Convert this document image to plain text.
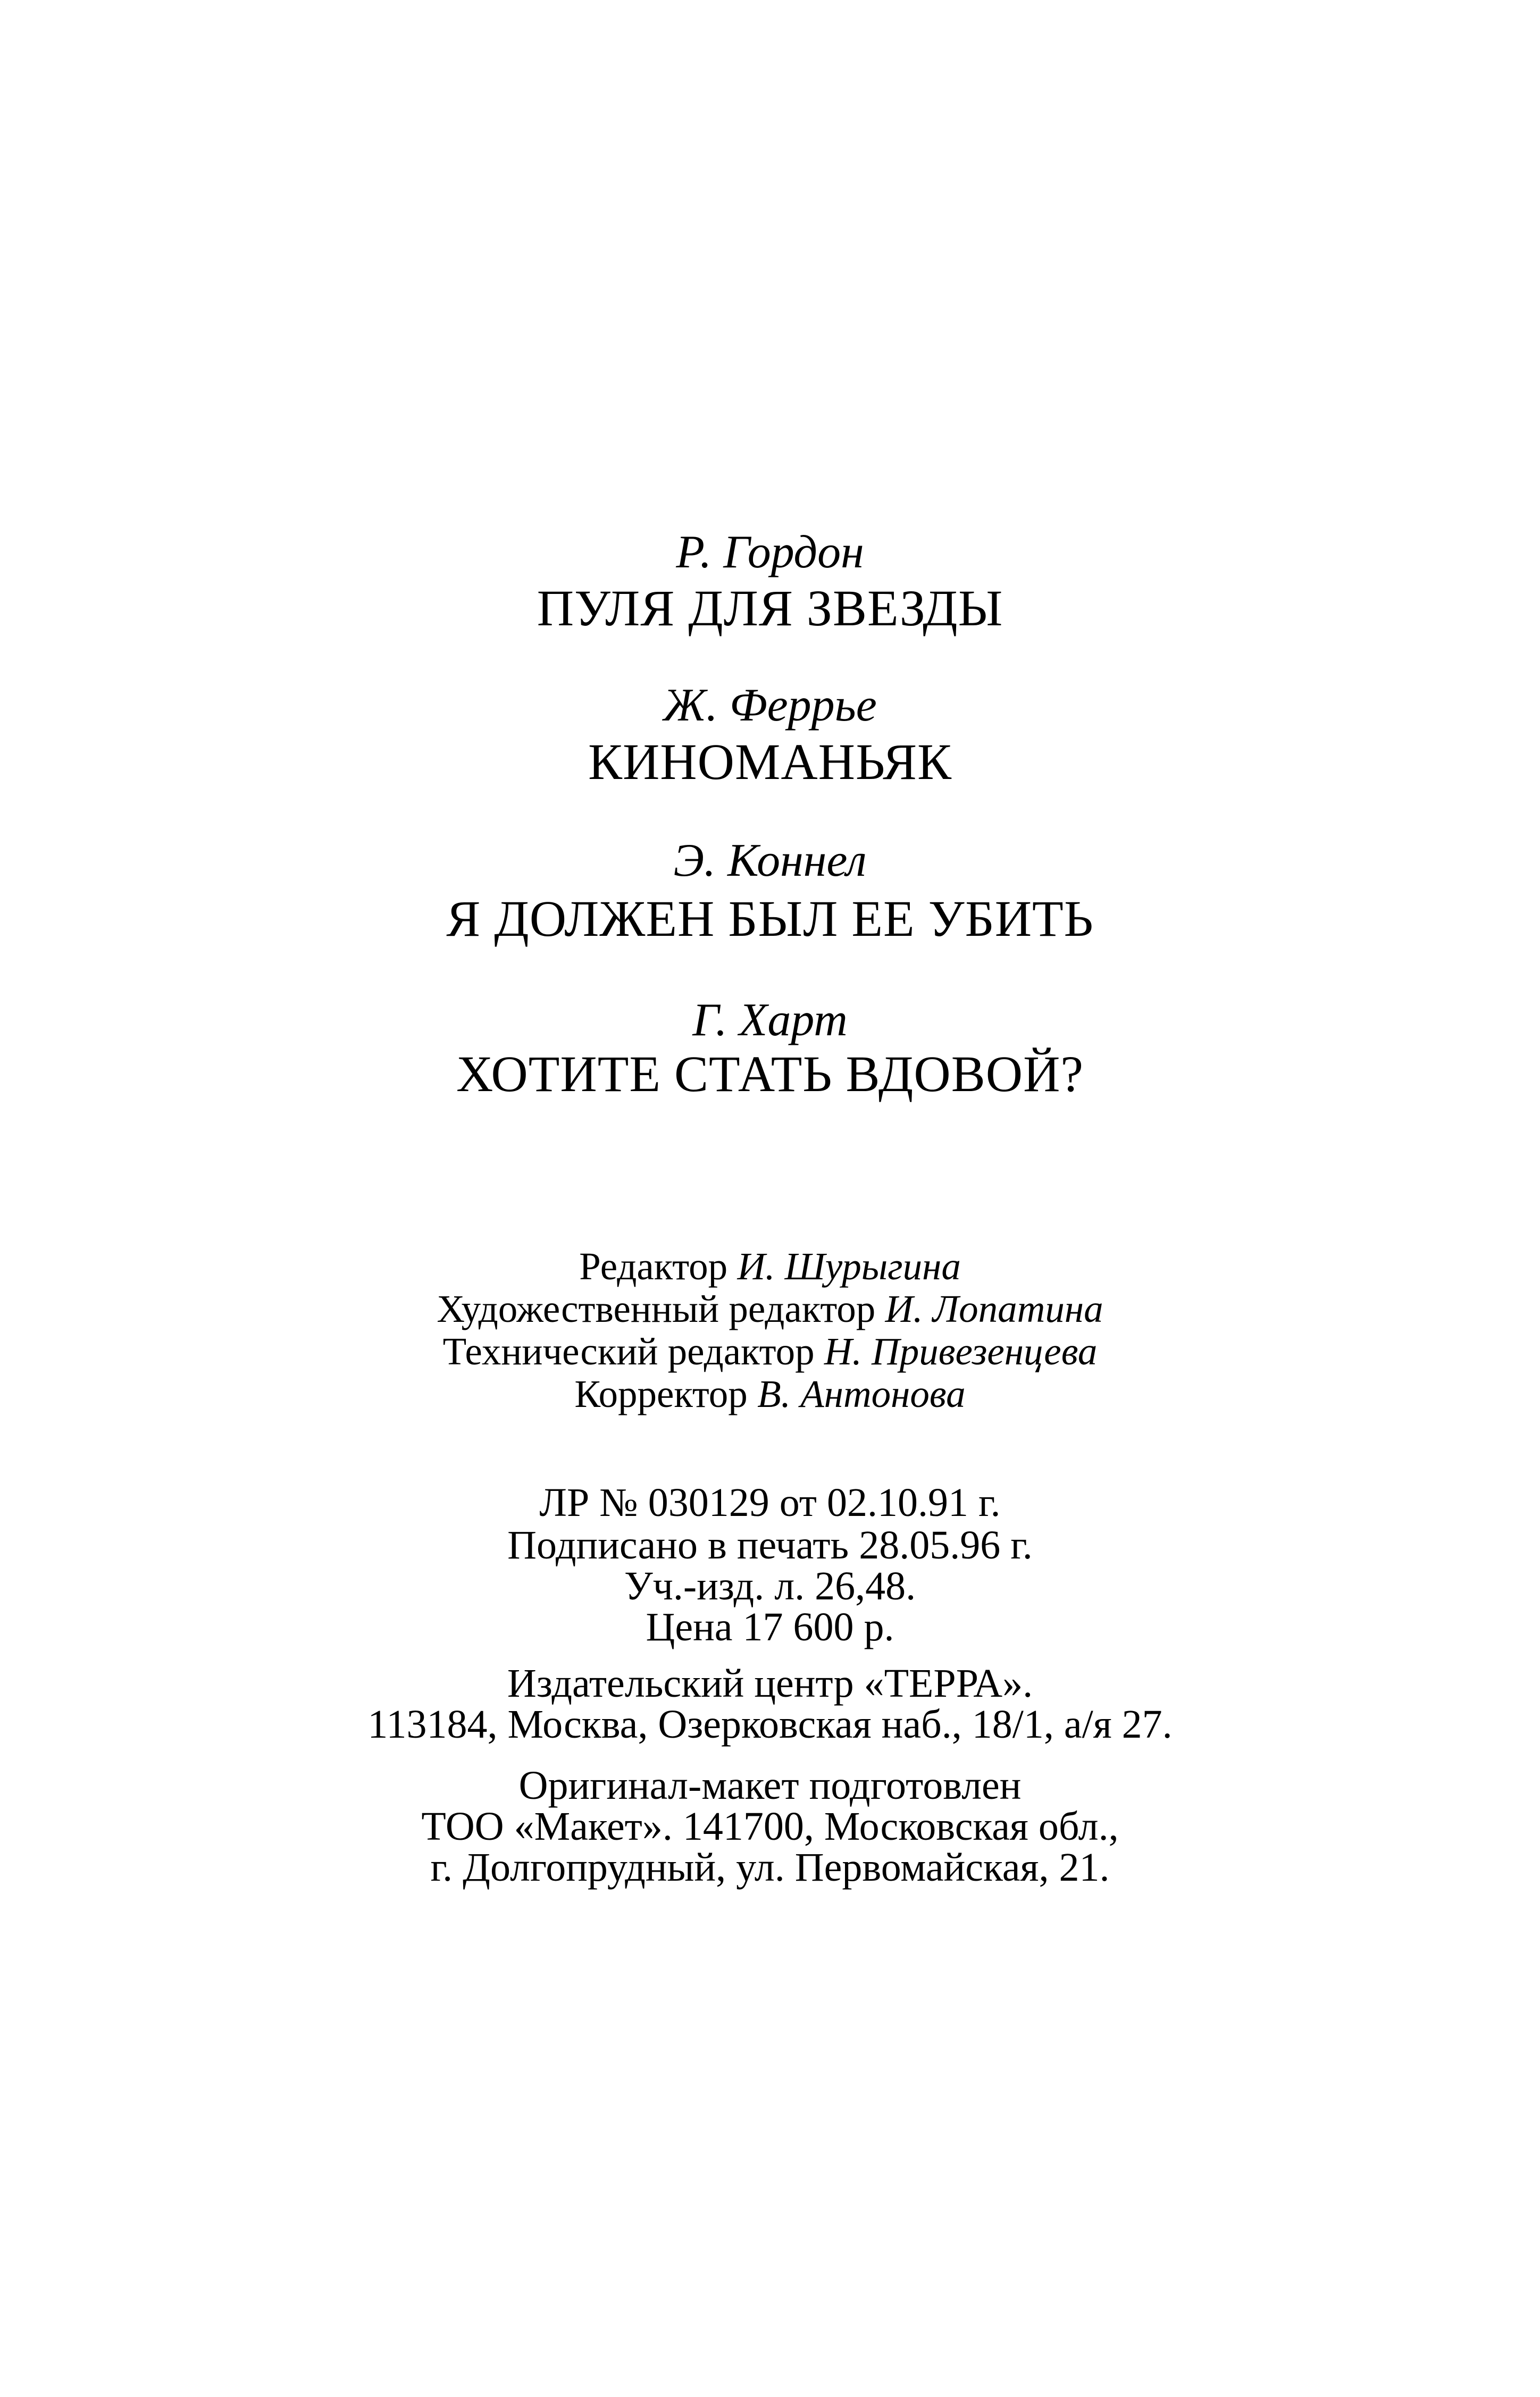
Р. Гордон
ПУЛЯ ДЛЯ ЗВЕЗДЫ
Ж. Феррье
КИНОМАНЬЯК
Э. Коннел
Я ДОЛЖЕН БЫЛ ЕЕ УБИТЬ
Г. Харт
ХОТИТЕ СТАТЬ ВДОВОЙ?
Редактор И. Шурыгина
Художественный редактор И. Лопатина
Технический редактор Н. Привезенцева
Корректор В. Антонова
ЛР № 030129 от 02.10.91 г.
Подписано в печать 28.05.96 г.
Уч.-изд. л. 26,48.
Цена 17 600 р.
Издательский центр «ТЕРРА».
113184, Москва, Озерковская наб., 18/1, а/я 27.
Оригинал-макет подготовлен
ТОО «Макет». 141700, Московская обл.,
г. Долгопрудный, ул. Первомайская, 21.
